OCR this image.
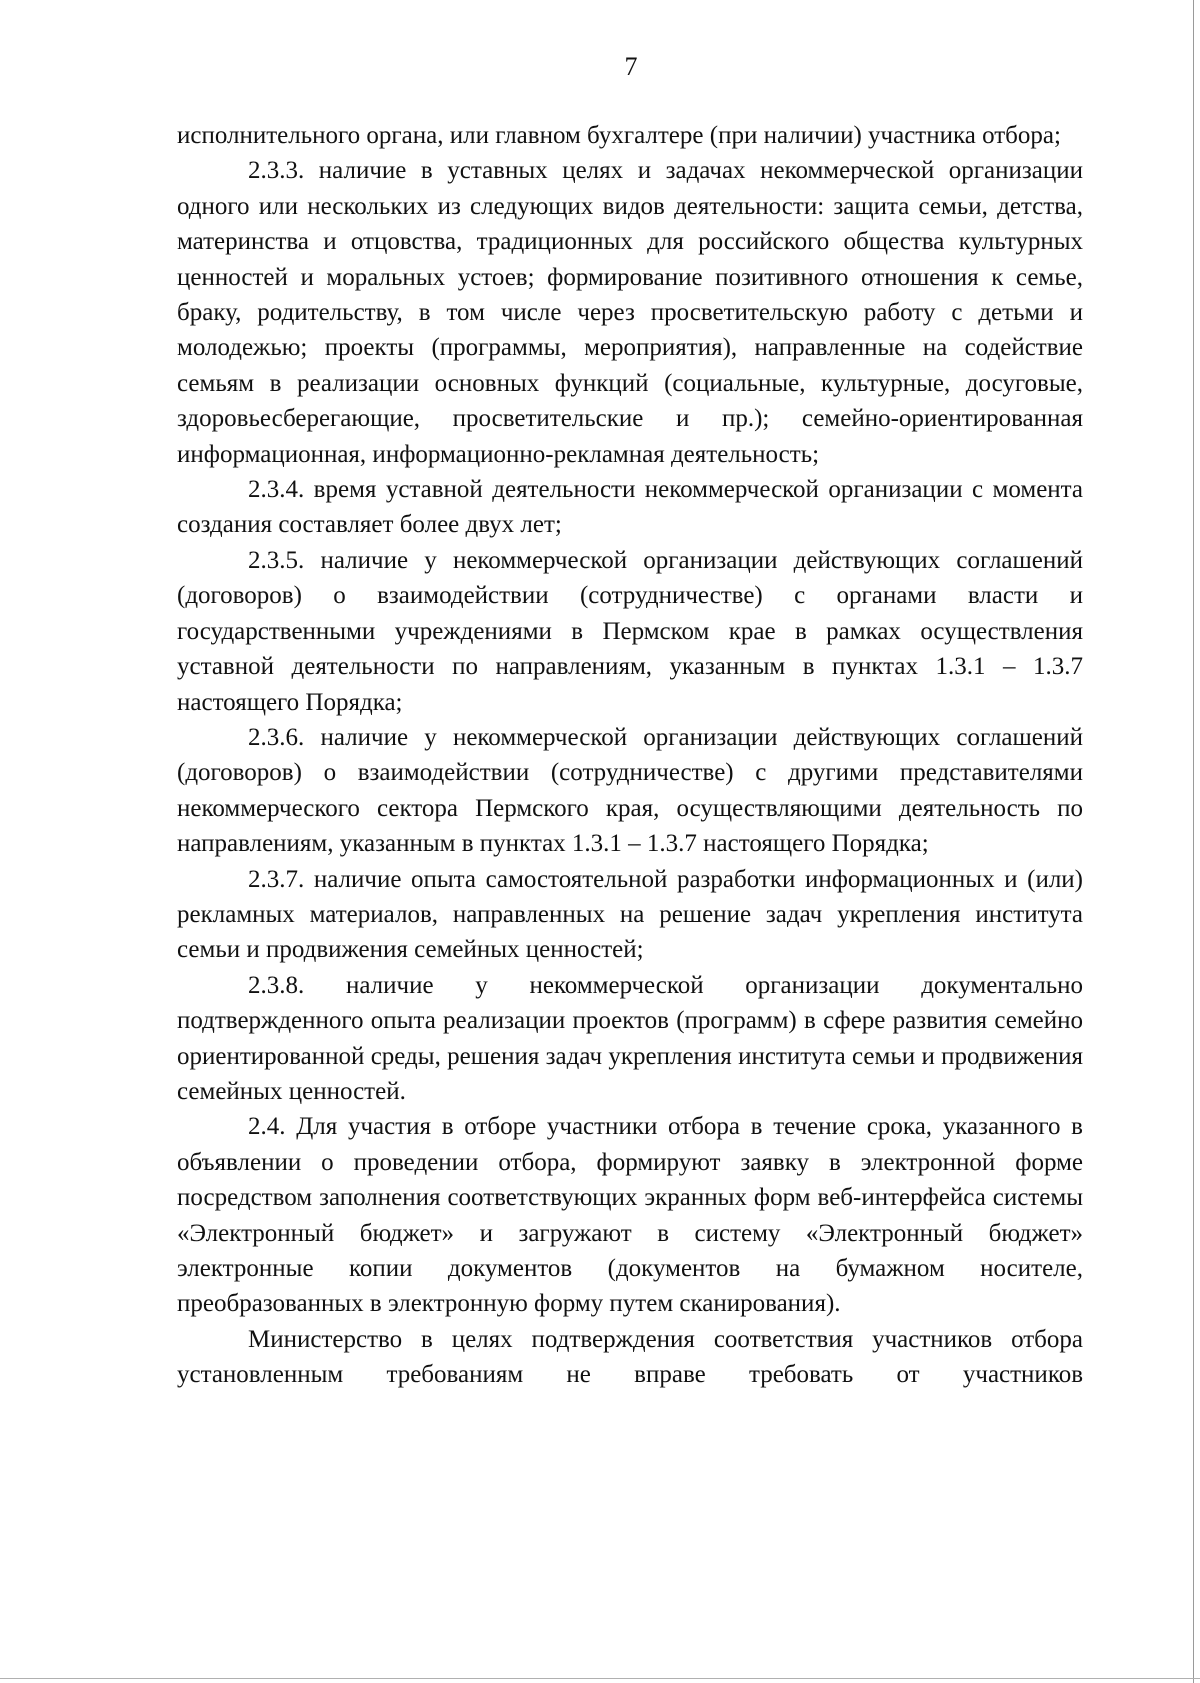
7

исполнительного органа, или главном бухгалтере (при наличии) участника отбора;

2.3.3. наличие в уставных целях и задачах некоммерческой организации одного или нескольких из следующих видов деятельности: защита семьи, детства, материнства и отцовства, традиционных для российского общества культурных ценностей и моральных устоев; формирование позитивного отношения к семье, браку, родительству, в том числе через просветительскую работу с детьми и молодежью; проекты (программы, мероприятия), направленные на содействие семьям в реализации основных функций (социальные, культурные, досуговые, здоровьесберегающие, просветительские и пр.); семейно-ориентированная информационная, информационно-рекламная деятельность;

2.3.4. время уставной деятельности некоммерческой организации с момента создания составляет более двух лет;

2.3.5. наличие у некоммерческой организации действующих соглашений (договоров) о взаимодействии (сотрудничестве) с органами власти и государственными учреждениями в Пермском крае в рамках осуществления уставной деятельности по направлениям, указанным в пунктах 1.3.1 – 1.3.7 настоящего Порядка;

2.3.6. наличие у некоммерческой организации действующих соглашений (договоров) о взаимодействии (сотрудничестве) с другими представителями некоммерческого сектора Пермского края, осуществляющими деятельность по направлениям, указанным в пунктах 1.3.1 – 1.3.7 настоящего Порядка;

2.3.7. наличие опыта самостоятельной разработки информационных и (или) рекламных материалов, направленных на решение задач укрепления института семьи и продвижения семейных ценностей;

2.3.8. наличие у некоммерческой организации документально подтвержденного опыта реализации проектов (программ) в сфере развития семейно ориентированной среды, решения задач укрепления института семьи и продвижения семейных ценностей.

2.4. Для участия в отборе участники отбора в течение срока, указанного в объявлении о проведении отбора, формируют заявку в электронной форме посредством заполнения соответствующих экранных форм веб-интерфейса системы «Электронный бюджет» и загружают в систему «Электронный бюджет» электронные копии документов (документов на бумажном носителе, преобразованных в электронную форму путем сканирования).

Министерство в целях подтверждения соответствия участников отбора установленным требованиям не вправе требовать от участников
